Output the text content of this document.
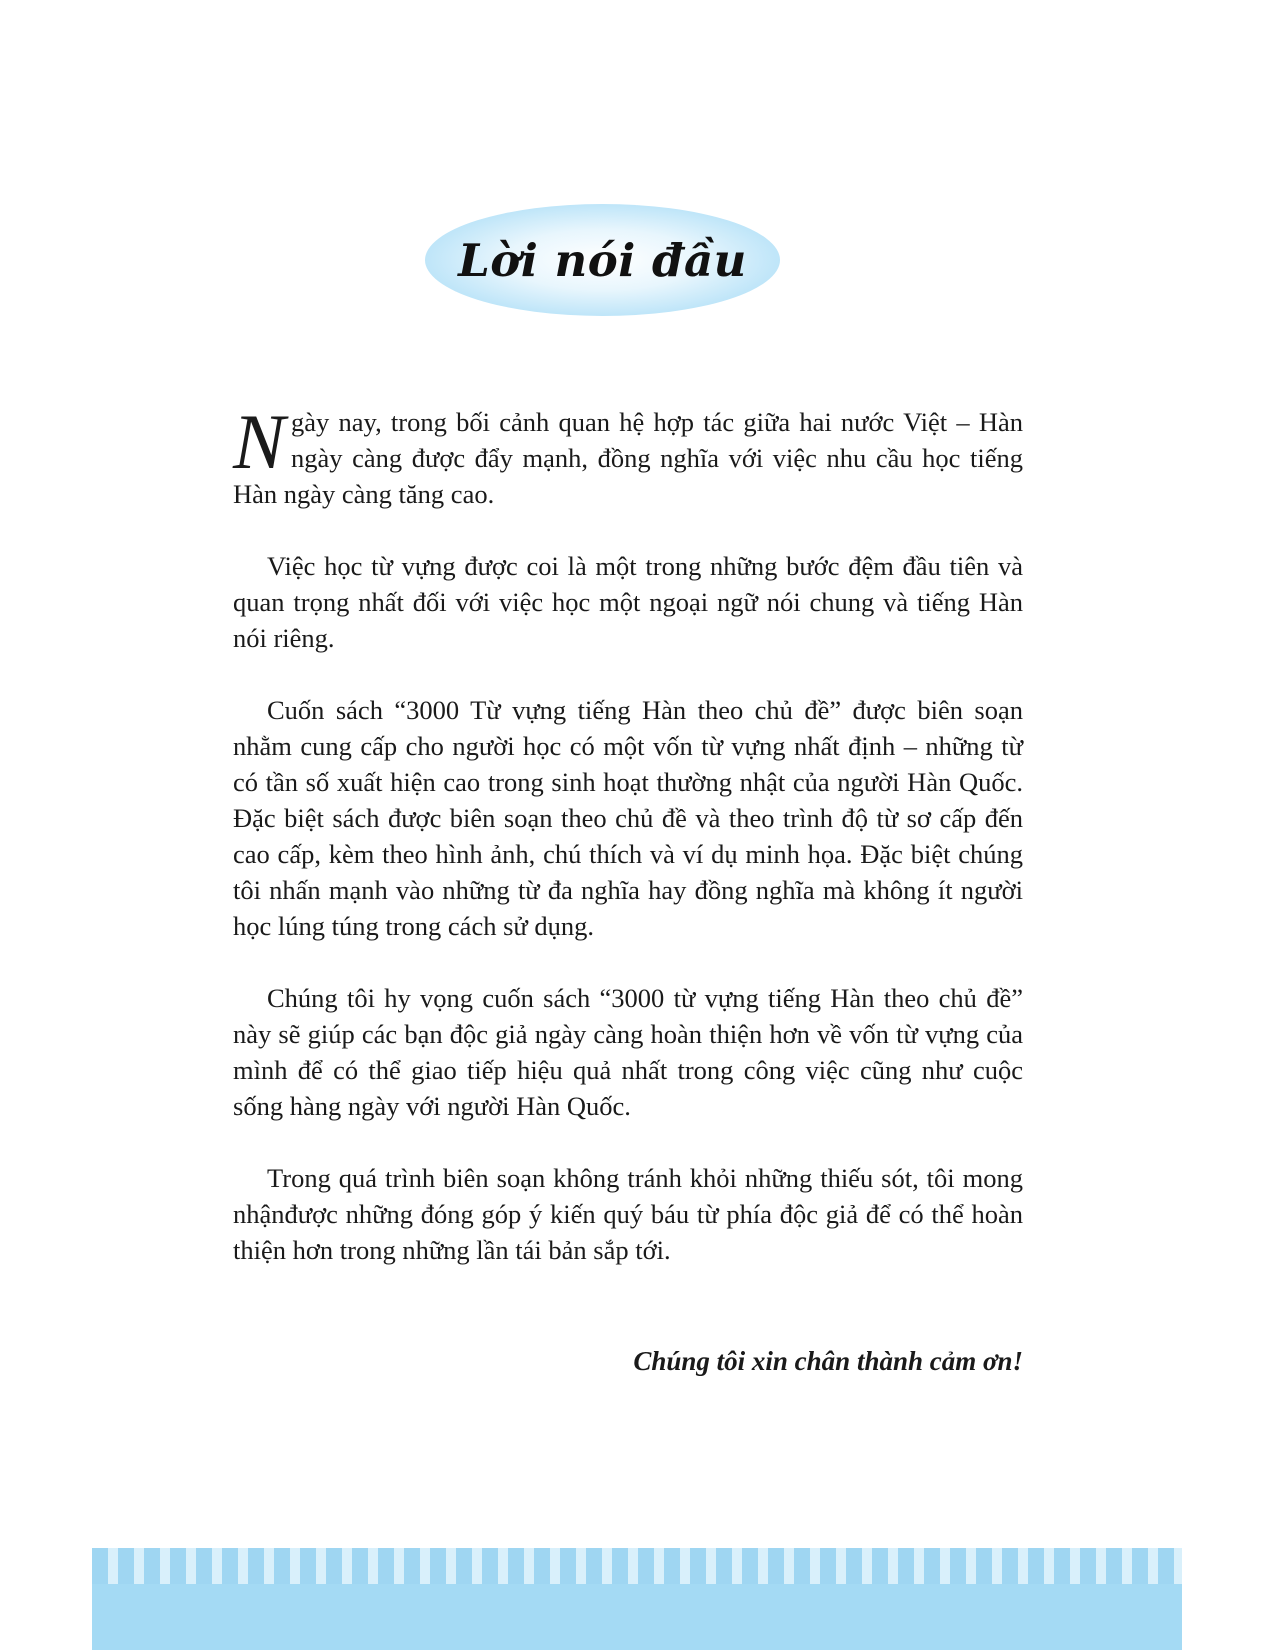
Lời nói đầu

Ngày nay, trong bối cảnh quan hệ hợp tác giữa hai nước Việt – Hàn ngày càng được đẩy mạnh, đồng nghĩa với việc nhu cầu học tiếng Hàn ngày càng tăng cao.

Việc học từ vựng được coi là một trong những bước đệm đầu tiên và quan trọng nhất đối với việc học một ngoại ngữ nói chung và tiếng Hàn nói riêng.

Cuốn sách “3000 Từ vựng tiếng Hàn theo chủ đề” được biên soạn nhằm cung cấp cho người học có một vốn từ vựng nhất định – những từ có tần số xuất hiện cao trong sinh hoạt thường nhật của người Hàn Quốc. Đặc biệt sách được biên soạn theo chủ đề và theo trình độ từ sơ cấp đến cao cấp, kèm theo hình ảnh, chú thích và ví dụ minh họa. Đặc biệt chúng tôi nhấn mạnh vào những từ đa nghĩa hay đồng nghĩa mà không ít người học lúng túng trong cách sử dụng.

Chúng tôi hy vọng cuốn sách “3000 từ vựng tiếng Hàn theo chủ đề” này sẽ giúp các bạn độc giả ngày càng hoàn thiện hơn về vốn từ vựng của mình để có thể giao tiếp hiệu quả nhất trong công việc cũng như cuộc sống hàng ngày với người Hàn Quốc.

Trong quá trình biên soạn không tránh khỏi những thiếu sót, tôi mong nhậnđược những đóng góp ý kiến quý báu từ phía độc giả để có thể hoàn thiện hơn trong những lần tái bản sắp tới.

Chúng tôi xin chân thành cảm ơn!
